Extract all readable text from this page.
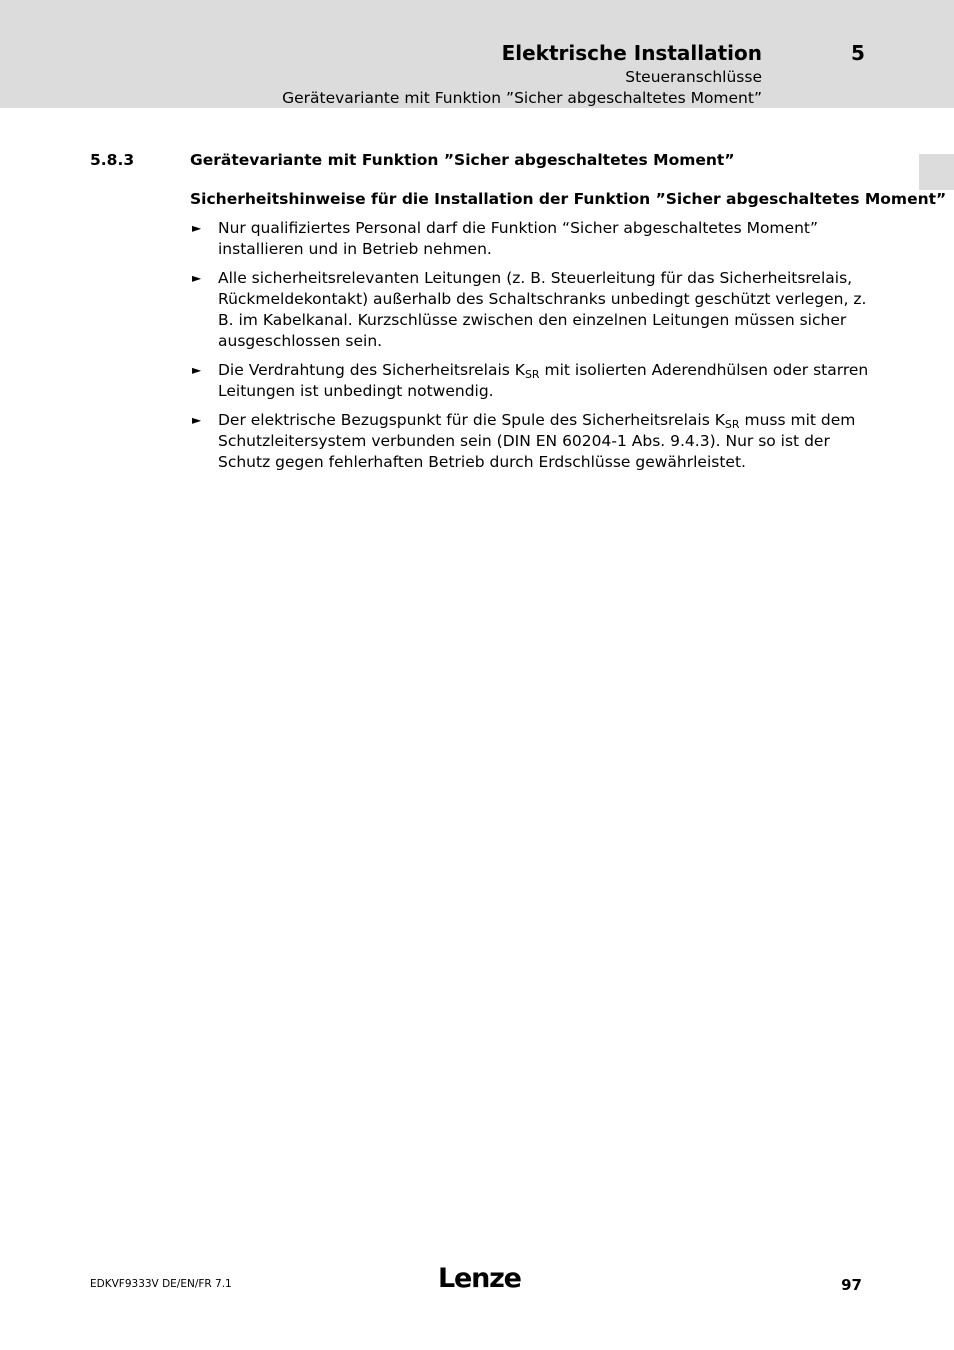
Elektrische Installation	5
Steueranschlüsse
Gerätevariante mit Funktion ”Sicher abgeschaltetes Moment”
5.8.3	Gerätevariante mit Funktion ”Sicher abgeschaltetes Moment”
Sicherheitshinweise für die Installation der Funktion ”Sicher abgeschaltetes Moment”
► Nur qualifiziertes Personal darf die Funktion “Sicher abgeschaltetes Moment” installieren und in Betrieb nehmen.
► Alle sicherheitsrelevanten Leitungen (z. B. Steuerleitung für das Sicherheitsrelais, Rückmeldekontakt) außerhalb des Schaltschranks unbedingt geschützt verlegen, z. B. im Kabelkanal. Kurzschlüsse zwischen den einzelnen Leitungen müssen sicher ausgeschlossen sein.
► Die Verdrahtung des Sicherheitsrelais $K_{SR}$ mit isolierten Aderendhülsen oder starren Leitungen ist unbedingt notwendig.
► Der elektrische Bezugspunkt für die Spule des Sicherheitsrelais $K_{SR}$ muss mit dem Schutzleitersystem verbunden sein (DIN EN 60204-1 Abs. 9.4.3). Nur so ist der Schutz gegen fehlerhaften Betrieb durch Erdschlüsse gewährleistet.
EDKVF9333V DE/EN/FR 7.1	Lenze	97
